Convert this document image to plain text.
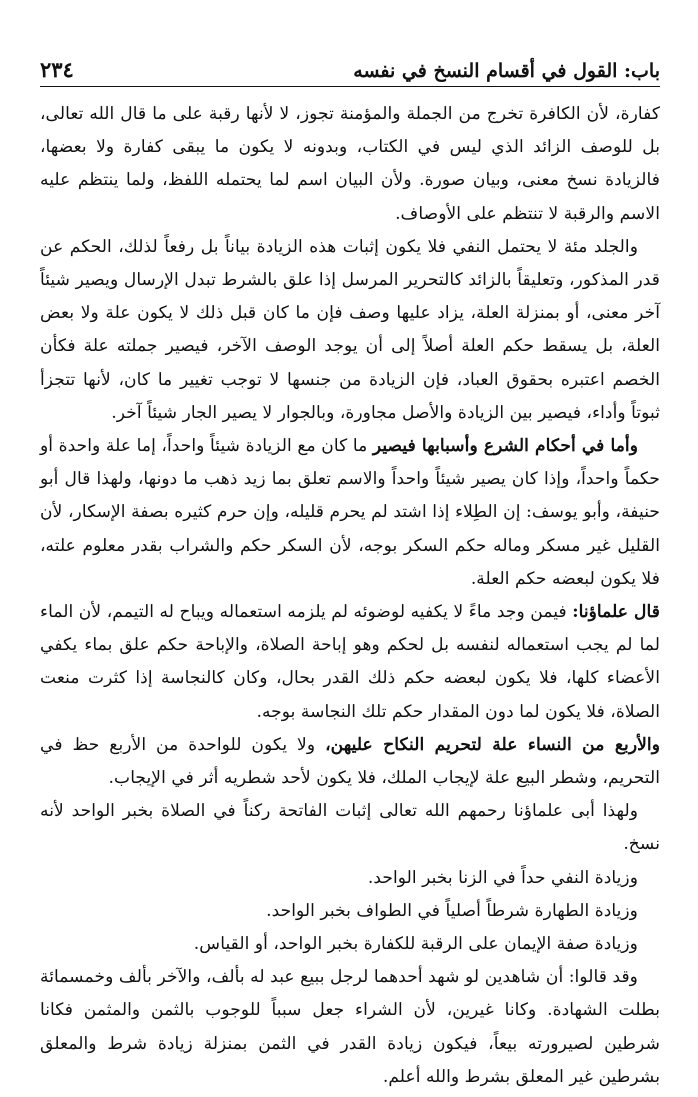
باب: القول في أقسام النسخ في نفسه
٢٣٤

كفارة، لأن الكافرة تخرج من الجملة والمؤمنة تجوز، لا لأنها رقبة على ما قال الله تعالى، بل للوصف الزائد الذي ليس في الكتاب، وبدونه لا يكون ما يبقى كفارة ولا بعضها، فالزيادة نسخ معنى، وبيان صورة. ولأن البيان اسم لما يحتمله اللفظ، ولما ينتظم عليه الاسم والرقبة لا تنتظم على الأوصاف.

والجلد مئة لا يحتمل النفي فلا يكون إثبات هذه الزيادة بياناً بل رفعاً لذلك، الحكم عن قدر المذكور، وتعليقاً بالزائد كالتحرير المرسل إذا علق بالشرط تبدل الإرسال ويصير شيئاً آخر معنى، أو بمنزلة العلة، يزاد عليها وصف فإن ما كان قبل ذلك لا يكون علة ولا بعض العلة، بل يسقط حكم العلة أصلاً إلى أن يوجد الوصف الآخر، فيصير جملته علة فكأن الخصم اعتبره بحقوق العباد، فإن الزيادة من جنسها لا توجب تغيير ما كان، لأنها تتجزأ ثبوتاً وأداء، فيصير بين الزيادة والأصل مجاورة، وبالجوار لا يصير الجار شيئاً آخر.

وأما في أحكام الشرع وأسبابها فيصير ما كان مع الزيادة شيئاً واحداً، إما علة واحدة أو حكماً واحداً، وإذا كان يصير شيئاً واحداً والاسم تعلق بما زيد ذهب ما دونها، ولهذا قال أبو حنيفة، وأبو يوسف: إن الطِلاء إذا اشتد لم يحرم قليله، وإن حرم كثيره بصفة الإسكار، لأن القليل غير مسكر وماله حكم السكر بوجه، لأن السكر حكم والشراب بقدر معلوم علته، فلا يكون لبعضه حكم العلة.

قال علماؤنا: فيمن وجد ماءً لا يكفيه لوضوئه لم يلزمه استعماله ويباح له التيمم، لأن الماء لما لم يجب استعماله لنفسه بل لحكم وهو إباحة الصلاة، والإباحة حكم علق بماء يكفي الأعضاء كلها، فلا يكون لبعضه حكم ذلك القدر بحال، وكان كالنجاسة إذا كثرت منعت الصلاة، فلا يكون لما دون المقدار حكم تلك النجاسة بوجه.

والأربع من النساء علة لتحريم النكاح عليهن، ولا يكون للواحدة من الأربع حظ في التحريم، وشطر البيع علة لإيجاب الملك، فلا يكون لأحد شطريه أثر في الإيجاب.

ولهذا أبى علماؤنا رحمهم الله تعالى إثبات الفاتحة ركناً في الصلاة بخبر الواحد لأنه نسخ.

وزيادة النفي حداً في الزنا بخبر الواحد.

وزيادة الطهارة شرطاً أصلياً في الطواف بخبر الواحد.

وزيادة صفة الإيمان على الرقبة للكفارة بخبر الواحد، أو القياس.

وقد قالوا: أن شاهدين لو شهد أحدهما لرجل ببيع عبد له بألف، والآخر بألف وخمسمائة بطلت الشهادة. وكانا غيرين، لأن الشراء جعل سبباً للوجوب بالثمن والمثمن فكانا شرطين لصيرورته بيعاً، فيكون زيادة القدر في الثمن بمنزلة زيادة شرط والمعلق بشرطين غير المعلق بشرط والله أعلم.
